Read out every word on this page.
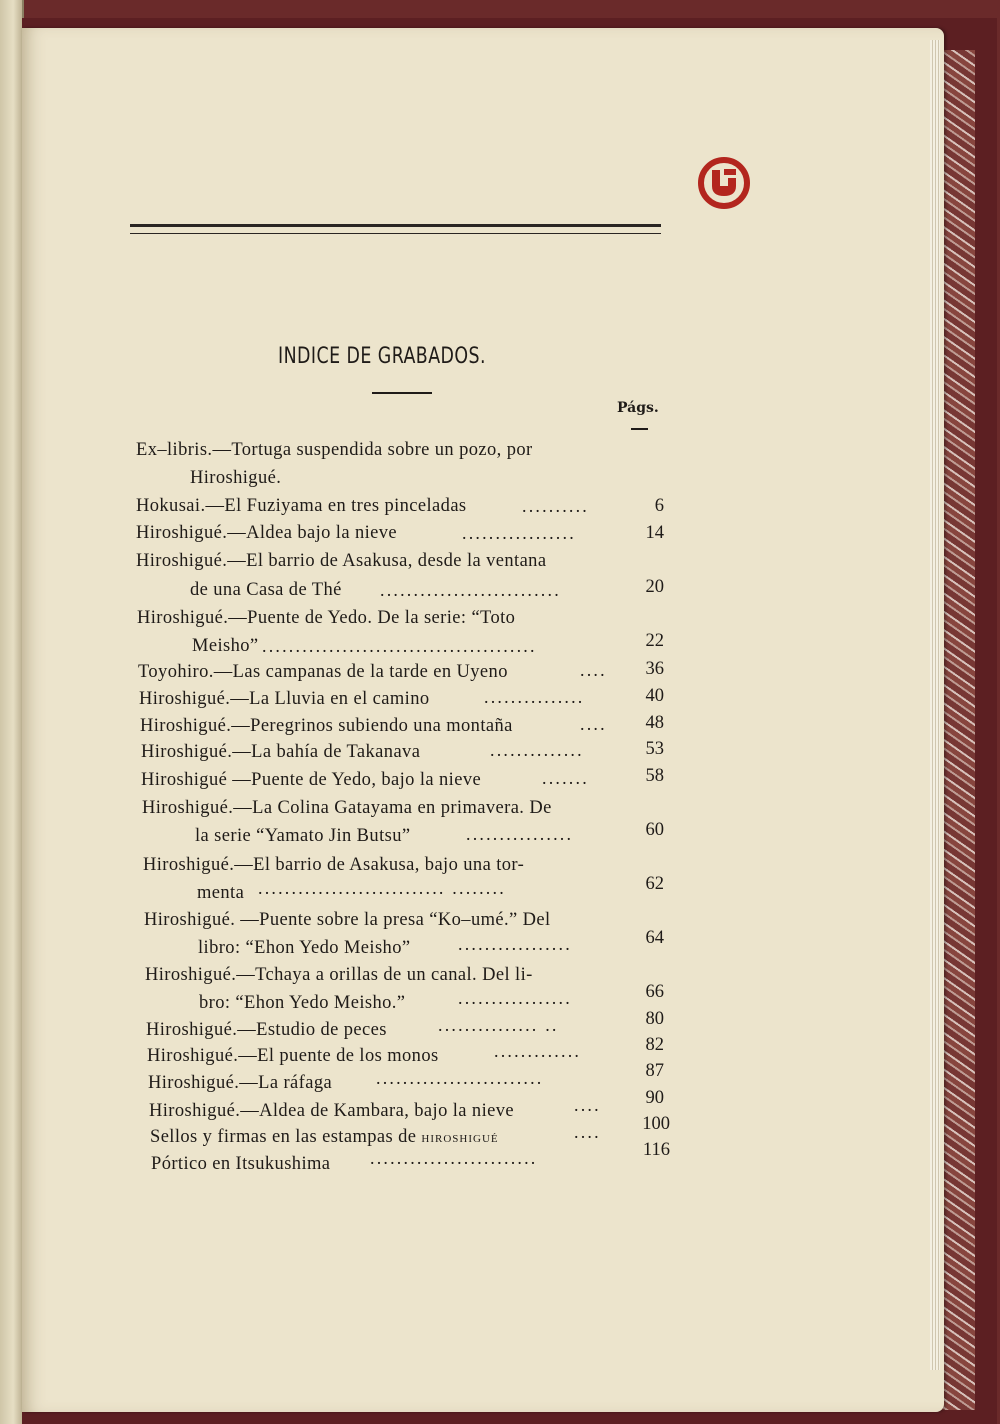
INDICE DE GRABADOS.
Págs.
Ex–libris.—Tortuga suspendida sobre un pozo, por
Hiroshigué.
Hokusai.—El Fuziyama en tres pinceladas	..........	6
Hiroshigué.—Aldea bajo la nieve	.................	14
Hiroshigué.—El barrio de Asakusa, desde la ventana
de una Casa de Thé ...........................	20
Hiroshigué.—Puente de Yedo. De la serie: “Toto
Meisho” .........................................	22
Toyohiro.—Las campanas de la tarde en Uyeno	....	36
Hiroshigué.—La Lluvia en el camino	...............	40
Hiroshigué.—Peregrinos subiendo una montaña	....	48
Hiroshigué.—La bahía de Takanava	..............	53
Hiroshigué —Puente de Yedo, bajo la nieve	.......	58
Hiroshigué.—La Colina Gatayama en primavera. De
la serie “Yamato Jin Butsu”	................	60
Hiroshigué.—El barrio de Asakusa, bajo una tor-
menta ............................ ........	62
Hiroshigué. —Puente sobre la presa “Ko–umé.” Del
libro: “Ehon Yedo Meisho”	.................	64
Hiroshigué.—Tchaya a orillas de un canal. Del li-
bro: “Ehon Yedo Meisho.”	.................	66
Hiroshigué.—Estudio de peces	............... ..	80
Hiroshigué.—El puente de los monos	.............	82
Hiroshigué.—La ráfaga .........................	87
Hiroshigué.—Aldea de Kambara, bajo la nieve	....	90
Sellos y firmas en las estampas de hiroshigué	....	100
Pórtico en Itsukushima .........................	116
